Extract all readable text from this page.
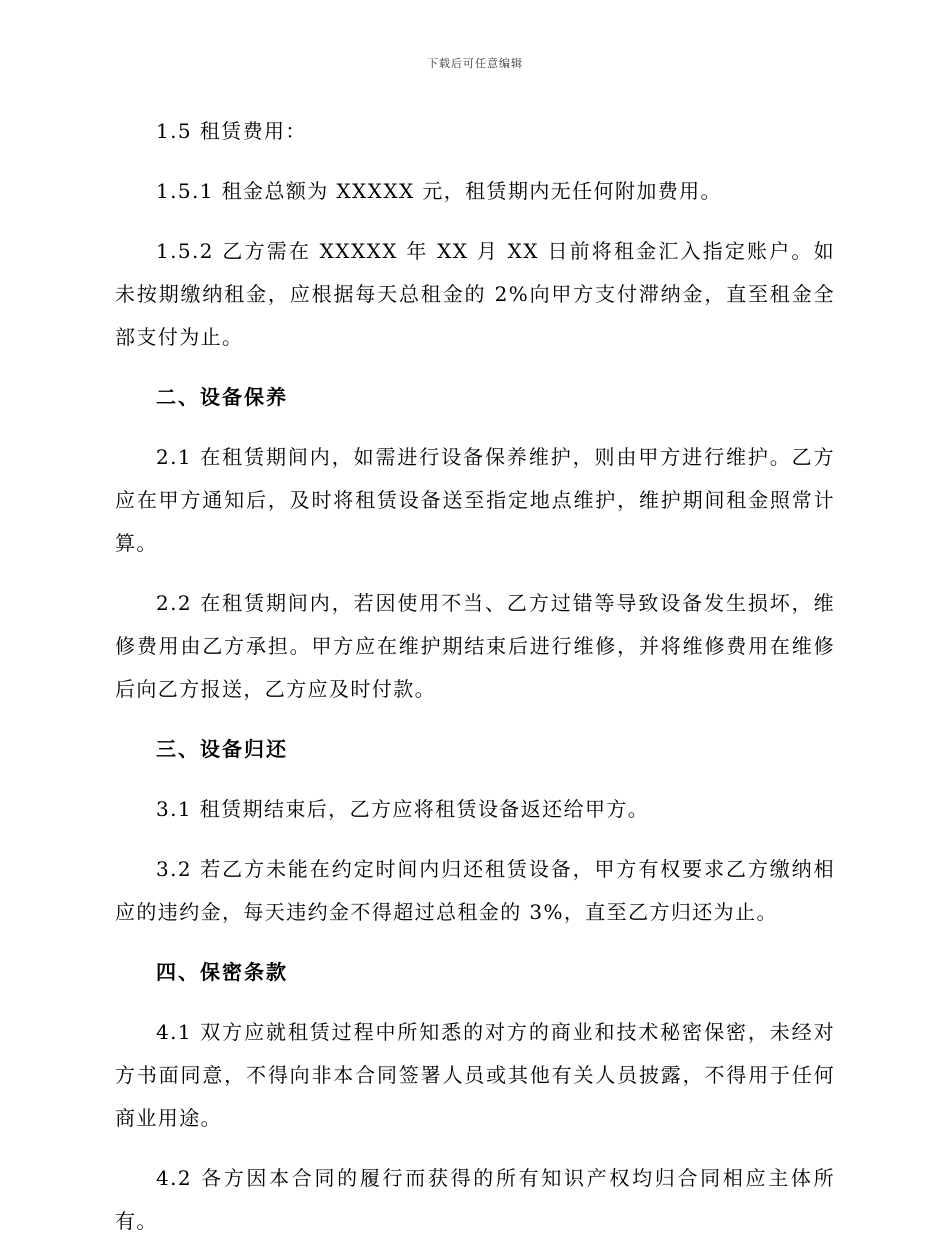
下载后可任意编辑

1.5 租赁费用：

1.5.1 租金总额为 XXXXX 元，租赁期内无任何附加费用。

1.5.2 乙方需在 XXXXX 年 XX 月 XX 日前将租金汇入指定账户。如未按期缴纳租金，应根据每天总租金的 2%向甲方支付滞纳金，直至租金全部支付为止。

二、设备保养

2.1 在租赁期间内，如需进行设备保养维护，则由甲方进行维护。乙方应在甲方通知后，及时将租赁设备送至指定地点维护，维护期间租金照常计算。

2.2 在租赁期间内，若因使用不当、乙方过错等导致设备发生损坏，维修费用由乙方承担。甲方应在维护期结束后进行维修，并将维修费用在维修后向乙方报送，乙方应及时付款。

三、设备归还

3.1 租赁期结束后，乙方应将租赁设备返还给甲方。

3.2 若乙方未能在约定时间内归还租赁设备，甲方有权要求乙方缴纳相应的违约金，每天违约金不得超过总租金的 3%，直至乙方归还为止。

四、保密条款

4.1 双方应就租赁过程中所知悉的对方的商业和技术秘密保密，未经对方书面同意，不得向非本合同签署人员或其他有关人员披露，不得用于任何商业用途。

4.2 各方因本合同的履行而获得的所有知识产权均归合同相应主体所有。
